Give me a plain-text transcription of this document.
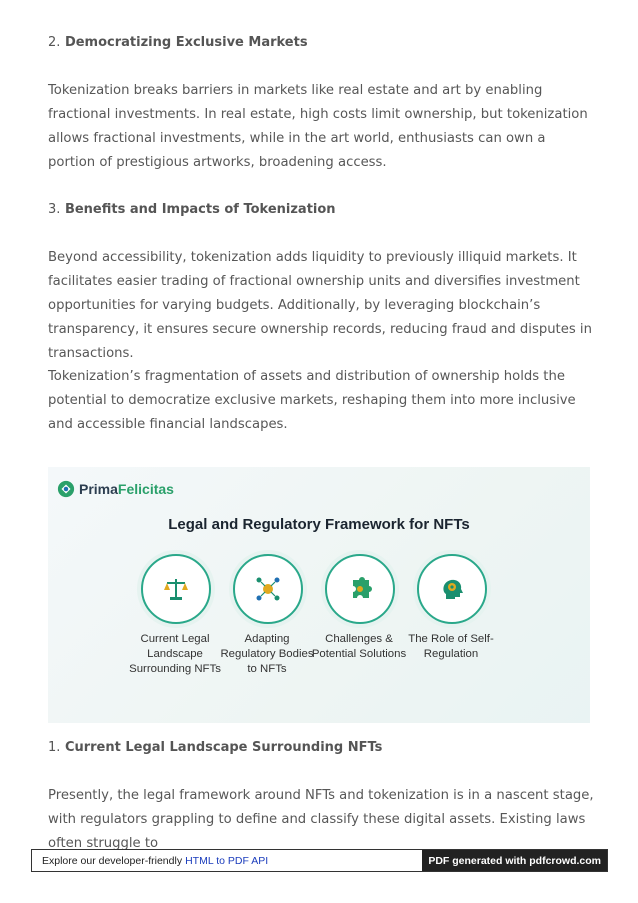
2. Democratizing Exclusive Markets

Tokenization breaks barriers in markets like real estate and art by enabling fractional investments. In real estate, high costs limit ownership, but tokenization allows fractional investments, while in the art world, enthusiasts can own a portion of prestigious artworks, broadening access.

3. Benefits and Impacts of Tokenization

Beyond accessibility, tokenization adds liquidity to previously illiquid markets. It facilitates easier trading of fractional ownership units and diversifies investment opportunities for varying budgets. Additionally, by leveraging blockchain’s transparency, it ensures secure ownership records, reducing fraud and disputes in transactions.

Tokenization’s fragmentation of assets and distribution of ownership holds the potential to democratize exclusive markets, reshaping them into more inclusive and accessible financial landscapes.

Prima Felicitas
Legal and Regulatory Framework for NFTs
Current Legal Landscape Surrounding NFTs
Adapting Regulatory Bodies to NFTs
Challenges & Potential Solutions
The Role of Self-Regulation
1. Current Legal Landscape Surrounding NFTs

Presently, the legal framework around NFTs and tokenization is in a nascent stage, with regulators grappling to define and classify these digital assets. Existing laws often struggle to

Explore our developer-friendly HTML to PDF API	PDF generated with pdfcrowd.com
